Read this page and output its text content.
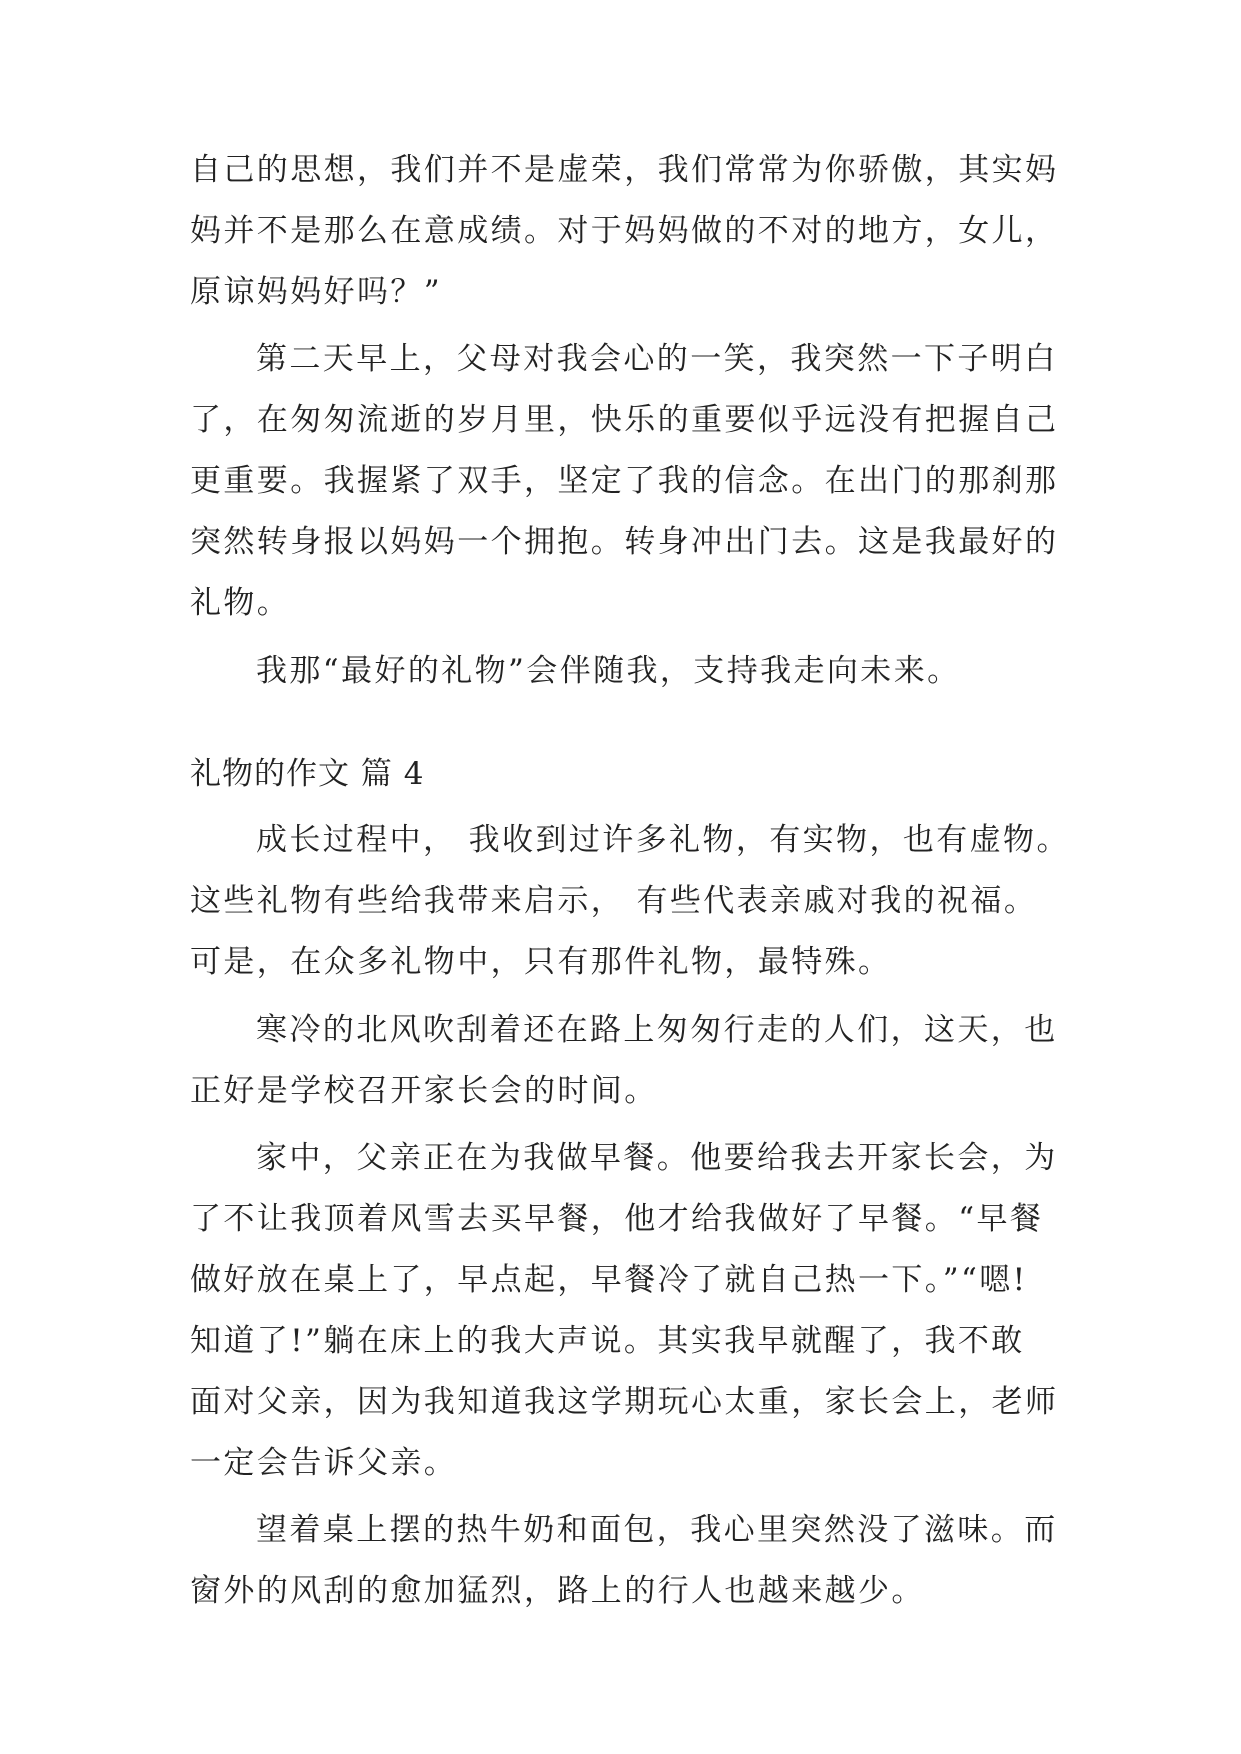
自己的思想，我们并不是虚荣，我们常常为你骄傲，其实妈
妈并不是那么在意成绩。对于妈妈做的不对的地方，女儿，
原谅妈妈好吗？”
第二天早上，父母对我会心的一笑，我突然一下子明白
了，在匆匆流逝的岁月里，快乐的重要似乎远没有把握自己
更重要。我握紧了双手，坚定了我的信念。在出门的那刹那
突然转身报以妈妈一个拥抱。转身冲出门去。这是我最好的
礼物。
我那“最好的礼物”会伴随我，支持我走向未来。
礼物的作文 篇 4
成长过程中， 我收到过许多礼物，有实物，也有虚物。
这些礼物有些给我带来启示， 有些代表亲戚对我的祝福。
可是，在众多礼物中，只有那件礼物，最特殊。
寒冷的北风吹刮着还在路上匆匆行走的人们，这天，也
正好是学校召开家长会的时间。
家中，父亲正在为我做早餐。他要给我去开家长会，为
了不让我顶着风雪去买早餐，他才给我做好了早餐。“早餐
做好放在桌上了，早点起，早餐冷了就自己热一下。”“嗯!
知道了!”躺在床上的我大声说。其实我早就醒了，我不敢
面对父亲，因为我知道我这学期玩心太重，家长会上，老师
一定会告诉父亲。
望着桌上摆的热牛奶和面包，我心里突然没了滋味。而
窗外的风刮的愈加猛烈，路上的行人也越来越少。
